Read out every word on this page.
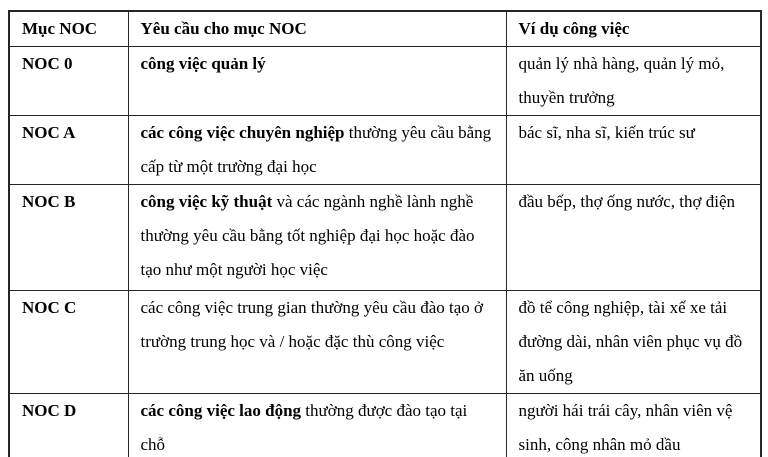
Mục NOC	Yêu cầu cho mục NOC	Ví dụ công việc
NOC 0	công việc quản lý	quản lý nhà hàng, quản lý mỏ, thuyền trưởng
NOC A	các công việc chuyên nghiệp thường yêu cầu bằng cấp từ một trường đại học	bác sĩ, nha sĩ, kiến trúc sư
NOC B	công việc kỹ thuật và các ngành nghề lành nghề thường yêu cầu bằng tốt nghiệp đại học hoặc đào tạo như một người học việc	đầu bếp, thợ ống nước, thợ điện
NOC C	các công việc trung gian thường yêu cầu đào tạo ở trường trung học và / hoặc đặc thù công việc	đồ tể công nghiệp, tài xế xe tải đường dài, nhân viên phục vụ đồ ăn uống
NOC D	các công việc lao động thường được đào tạo tại chỗ	người hái trái cây, nhân viên vệ sinh, công nhân mỏ dầu
